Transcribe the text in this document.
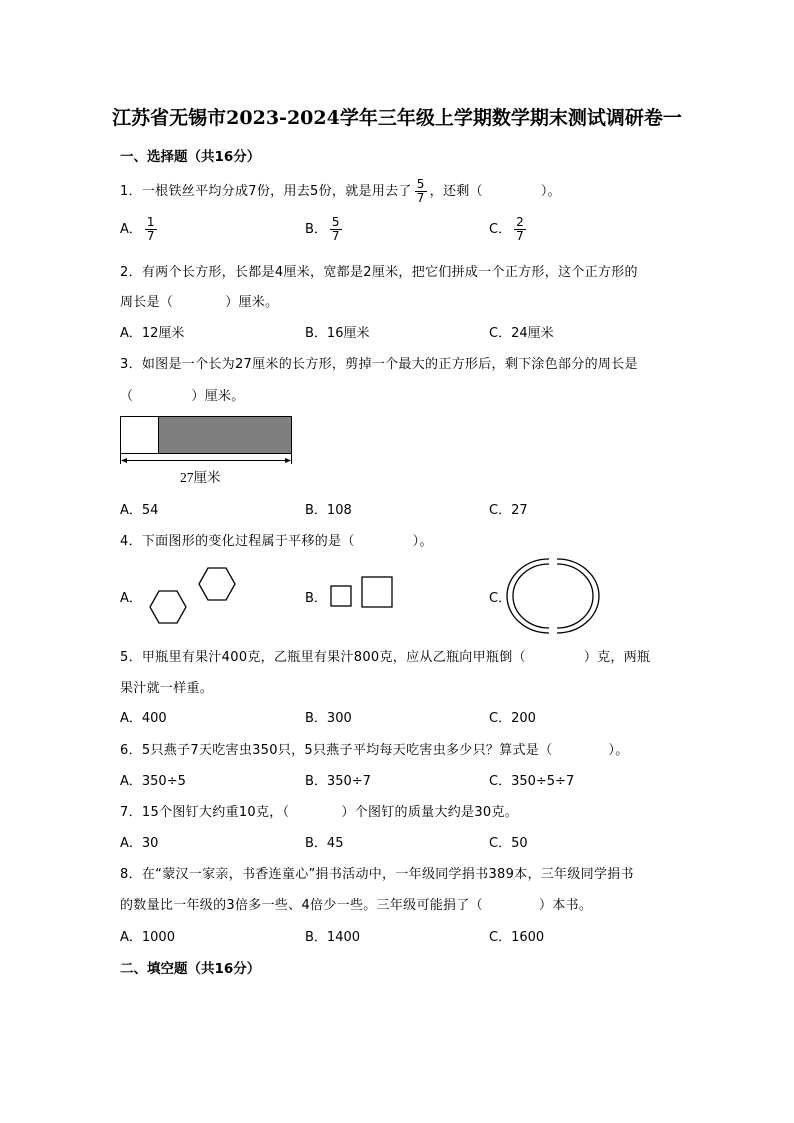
江苏省无锡市2023-2024学年三年级上学期数学期末测试调研卷一
一、选择题（共16分）
1．一根铁丝平均分成7份，用去5份，就是用去了 $\frac{5}{7}$ ，还剩（	）。
A． $\frac{1}{7}$	B． $\frac{5}{7}$	C． $\frac{2}{7}$
2．有两个长方形，长都是4厘米，宽都是2厘米，把它们拼成一个正方形，这个正方形的
周长是（	）厘米。
A．12厘米	B．16厘米	C．24厘米
3．如图是一个长为27厘米的长方形，剪掉一个最大的正方形后，剩下涂色部分的周长是
（	）厘米。
27厘米
A．54	B．108	C．27
4．下面图形的变化过程属于平移的是（	）。
A．	B．	C．
5．甲瓶里有果汁400克，乙瓶里有果汁800克，应从乙瓶向甲瓶倒（	）克，两瓶
果汁就一样重。
A．400	B．300	C．200
6．5只燕子7天吃害虫350只，5只燕子平均每天吃害虫多少只？算式是（	）。
A．350÷5	B．350÷7	C．350÷5÷7
7．15个图钉大约重10克，（	）个图钉的质量大约是30克。
A．30	B．45	C．50
8．在“蒙汉一家亲，书香连童心”捐书活动中，一年级同学捐书389本，三年级同学捐书
的数量比一年级的3倍多一些、4倍少一些。三年级可能捐了（	）本书。
A．1000	B．1400	C．1600
二、填空题（共16分）
